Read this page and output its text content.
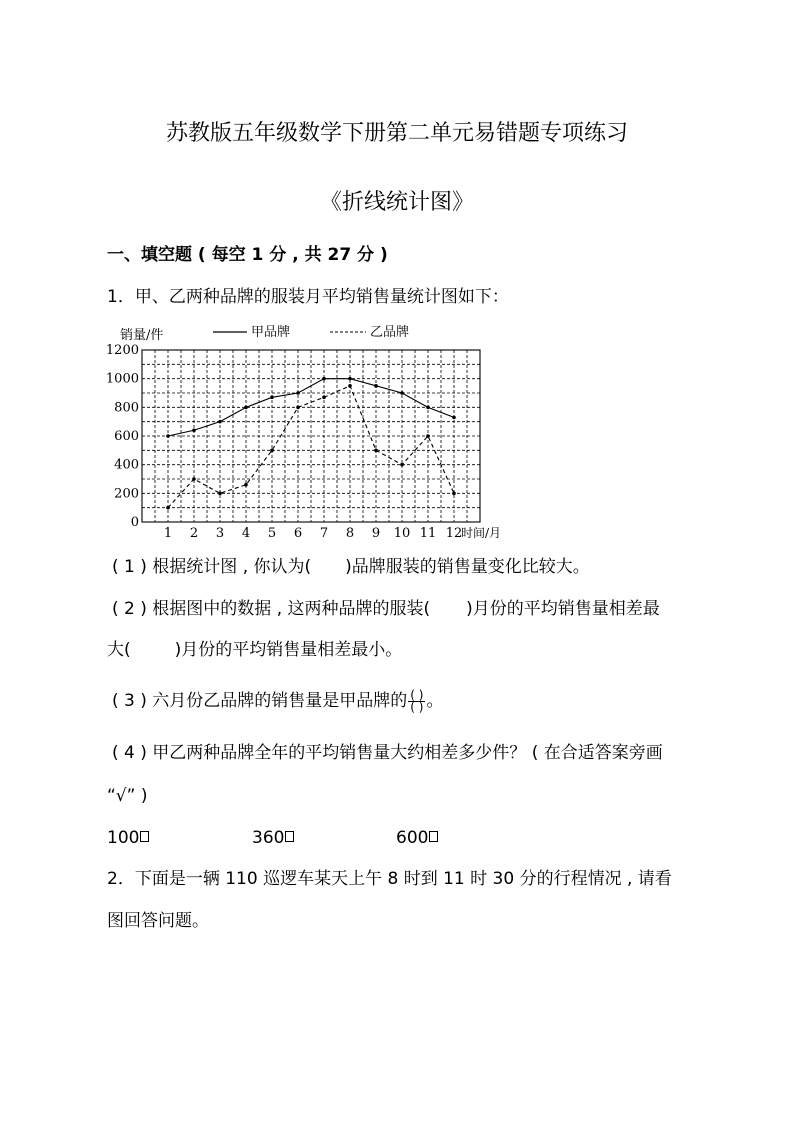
苏教版五年级数学下册第二单元易错题专项练习
《折线统计图》
一、填空题 ( 每空 1 分 , 共 27 分 )
1．甲、乙两种品牌的服装月平均销售量统计图如下：
销量/件	甲品牌	乙品牌
0
200
400
600
800
1000
1200
1 2 3 4 5 6 7 8 9 10 11 12
时间/月
( 1 ) 根据统计图 , 你认为( )品牌服装的销售量变化比较大。
( 2 ) 根据图中的数据 , 这两种品牌的服装( )月份的平均销售量相差最
大(	)月份的平均销售量相差最小。
( 3 ) 六月份乙品牌的销售量是甲品牌的 $\frac{( )}{( )}$ 。
( 4 ) 甲乙两种品牌全年的平均销售量大约相差多少件？ ( 在合适答案旁画
“√” )
100	360	600
2．下面是一辆 110 巡逻车某天上午 8 时到 11 时 30 分的行程情况 , 请看
图回答问题。
